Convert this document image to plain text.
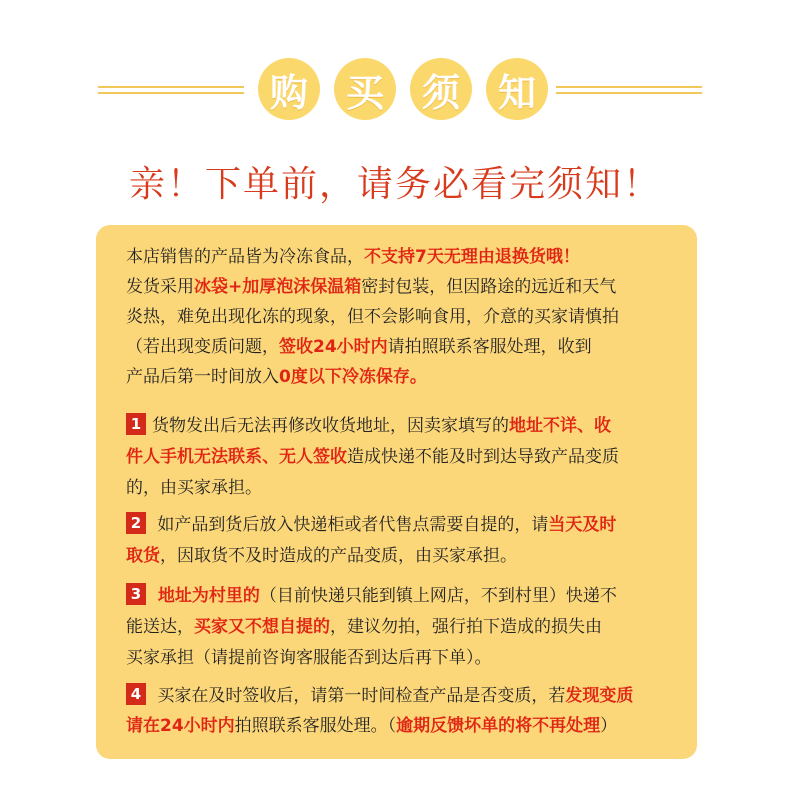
购 买 须 知
亲！下单前，请务必看完须知！
本店销售的产品皆为冷冻食品，不支持7天无理由退换货哦！
发货采用冰袋+加厚泡沫保温箱密封包装，但因路途的远近和天气
炎热，难免出现化冻的现象，但不会影响食用，介意的买家请慎拍
（若出现变质问题，签收24小时内请拍照联系客服处理，收到
产品后第一时间放入0度以下冷冻保存。
1 货物发出后无法再修改收货地址，因卖家填写的地址不详、收
件人手机无法联系、无人签收造成快递不能及时到达导致产品变质
的，由买家承担。
2 如产品到货后放入快递柜或者代售点需要自提的，请当天及时
取货，因取货不及时造成的产品变质，由买家承担。
3 地址为村里的（目前快递只能到镇上网店，不到村里）快递不
能送达，买家又不想自提的，建议勿拍，强行拍下造成的损失由
买家承担（请提前咨询客服能否到达后再下单）。
4 买家在及时签收后，请第一时间检查产品是否变质，若发现变质
请在24小时内拍照联系客服处理。（逾期反馈坏单的将不再处理）
